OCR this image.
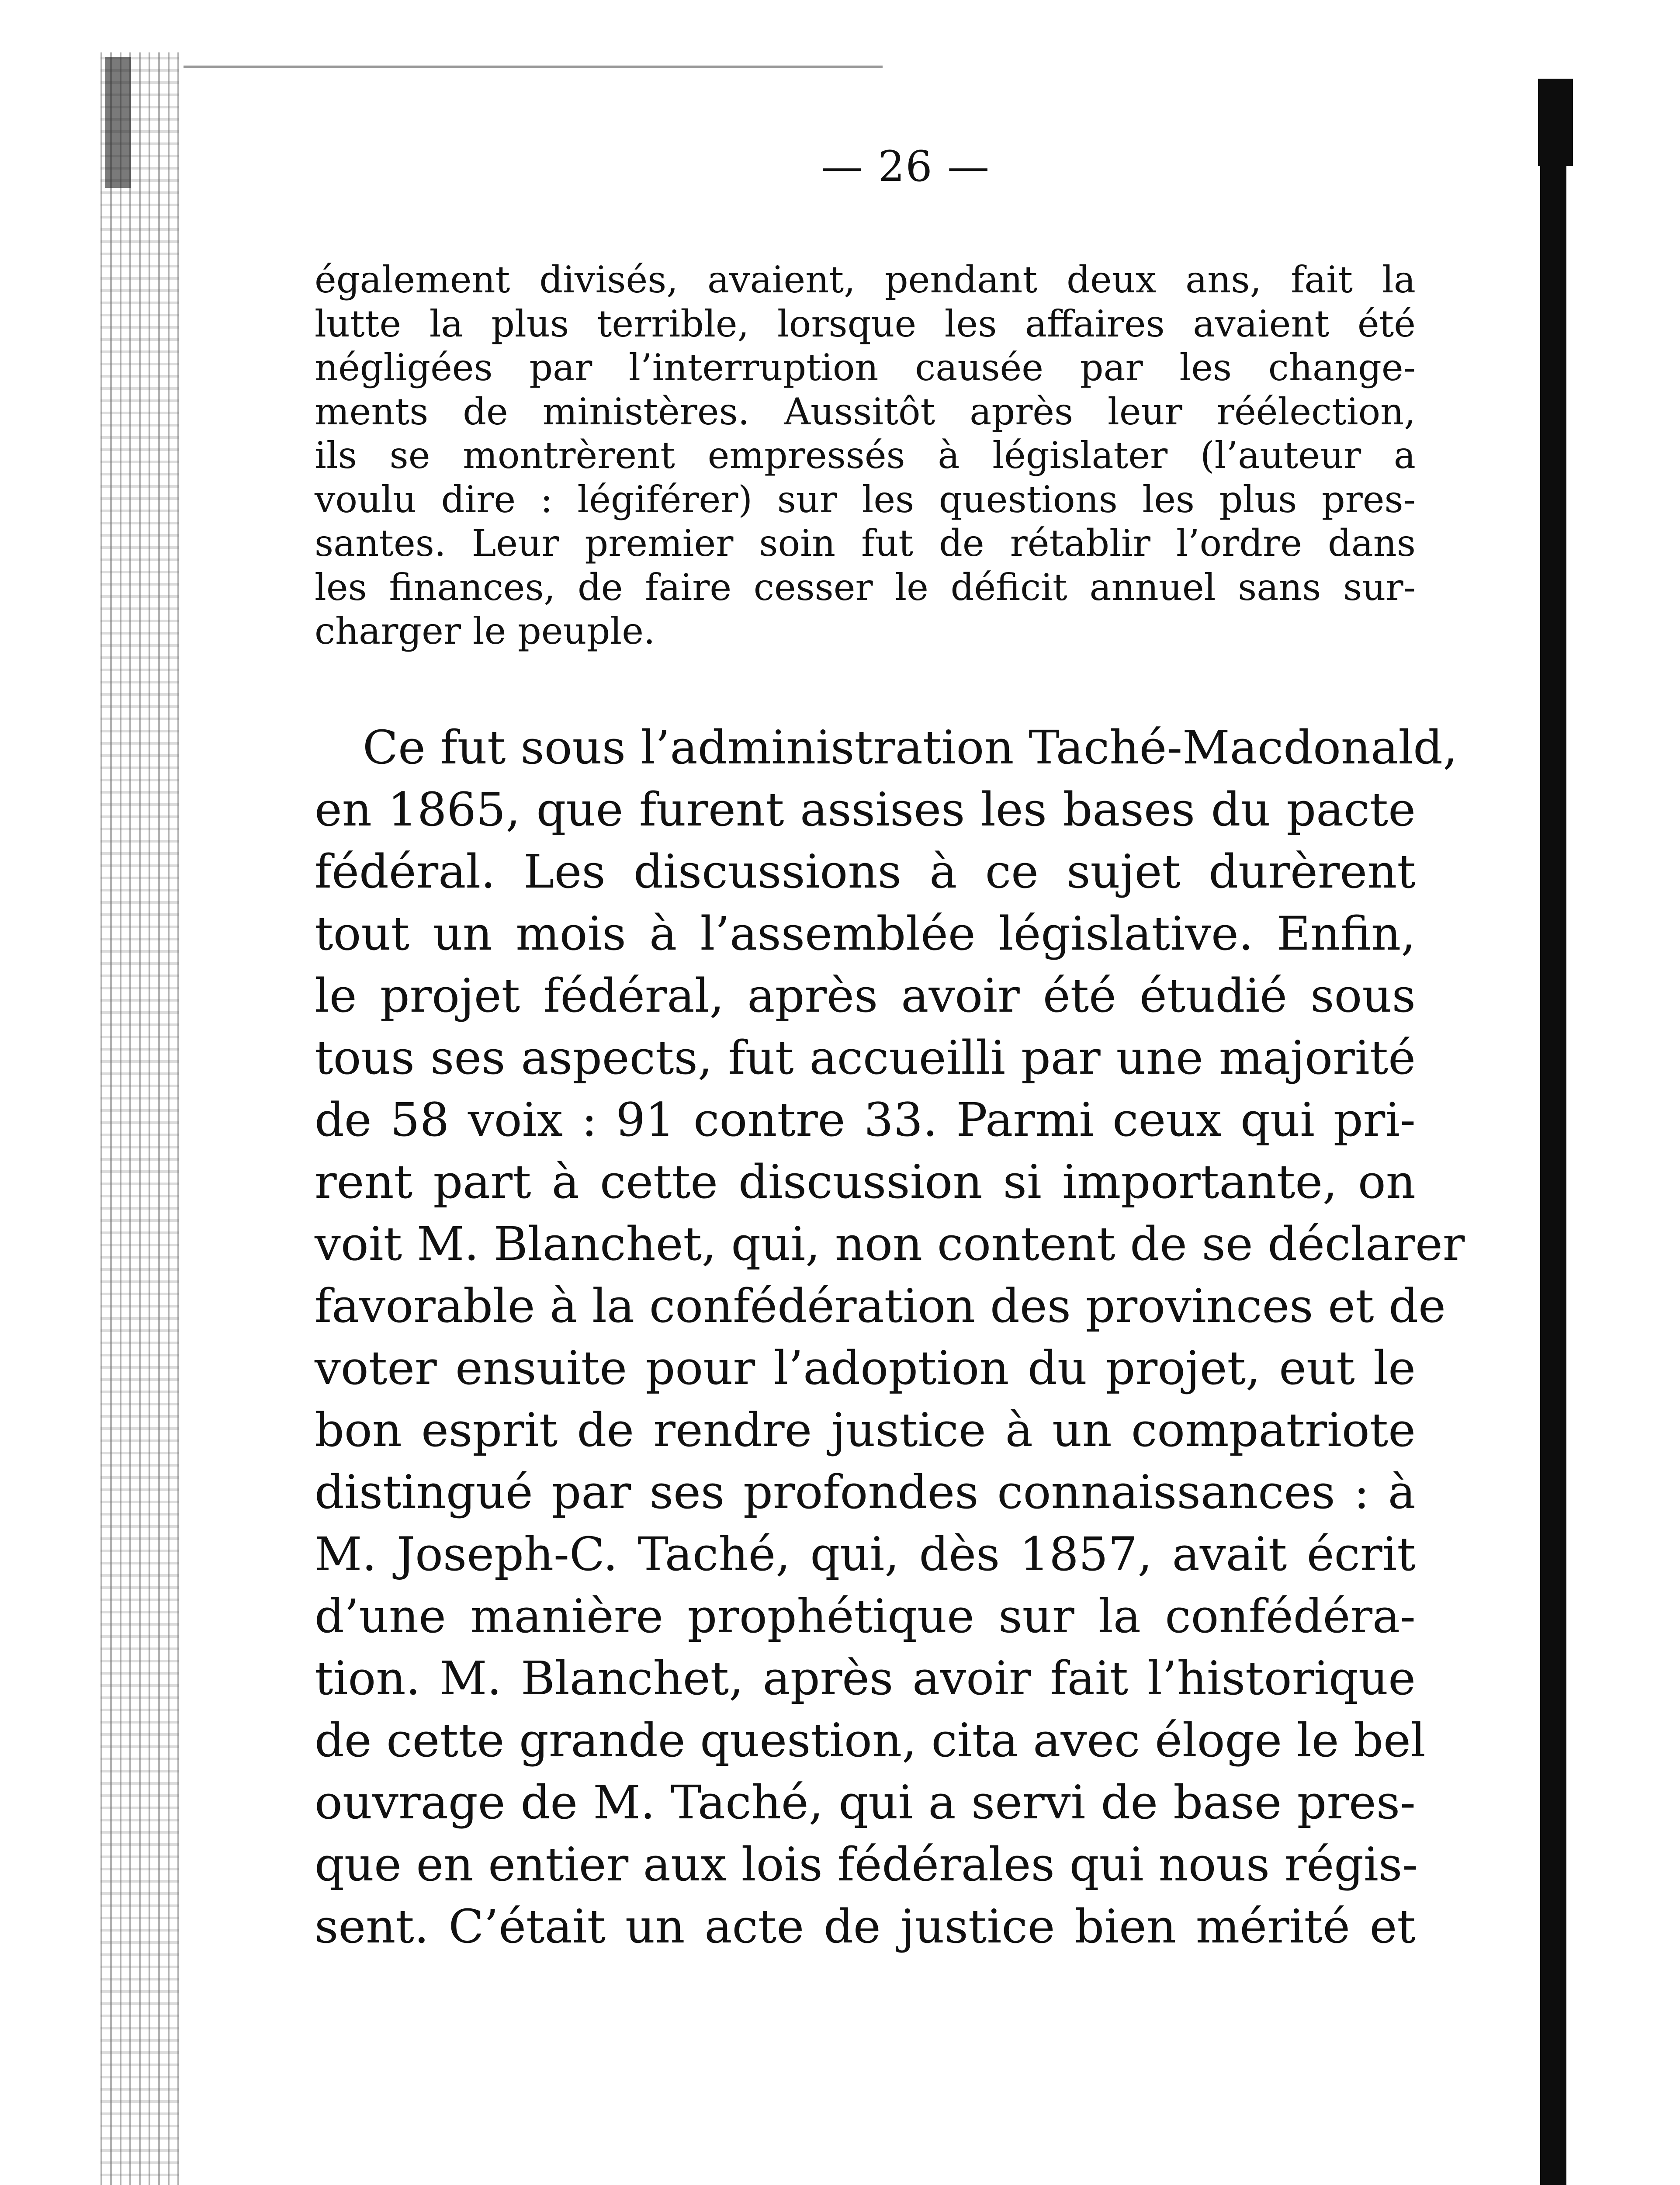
— 26 —
également divisés, avaient, pendant deux ans, fait la
lutte la plus terrible, lorsque les affaires avaient été
négligées par l’interruption causée par les change-
ments de ministères. Aussitôt après leur réélection,
ils se montrèrent empressés à législater (l’auteur a
voulu dire : légiférer) sur les questions les plus pres-
santes. Leur premier soin fut de rétablir l’ordre dans
les finances, de faire cesser le déficit annuel sans sur-
charger le peuple.
Ce fut sous l’administration Taché-Macdonald,
en 1865, que furent assises les bases du pacte
fédéral. Les discussions à ce sujet durèrent
tout un mois à l’assemblée législative. Enfin,
le projet fédéral, après avoir été étudié sous
tous ses aspects, fut accueilli par une majorité
de 58 voix : 91 contre 33. Parmi ceux qui pri-
rent part à cette discussion si importante, on
voit M. Blanchet, qui, non content de se déclarer
favorable à la confédération des provinces et de
voter ensuite pour l’adoption du projet, eut le
bon esprit de rendre justice à un compatriote
distingué par ses profondes connaissances : à
M. Joseph-C. Taché, qui, dès 1857, avait écrit
d’une manière prophétique sur la confédéra-
tion. M. Blanchet, après avoir fait l’historique
de cette grande question, cita avec éloge le bel
ouvrage de M. Taché, qui a servi de base pres-
que en entier aux lois fédérales qui nous régis-
sent. C’était un acte de justice bien mérité et
